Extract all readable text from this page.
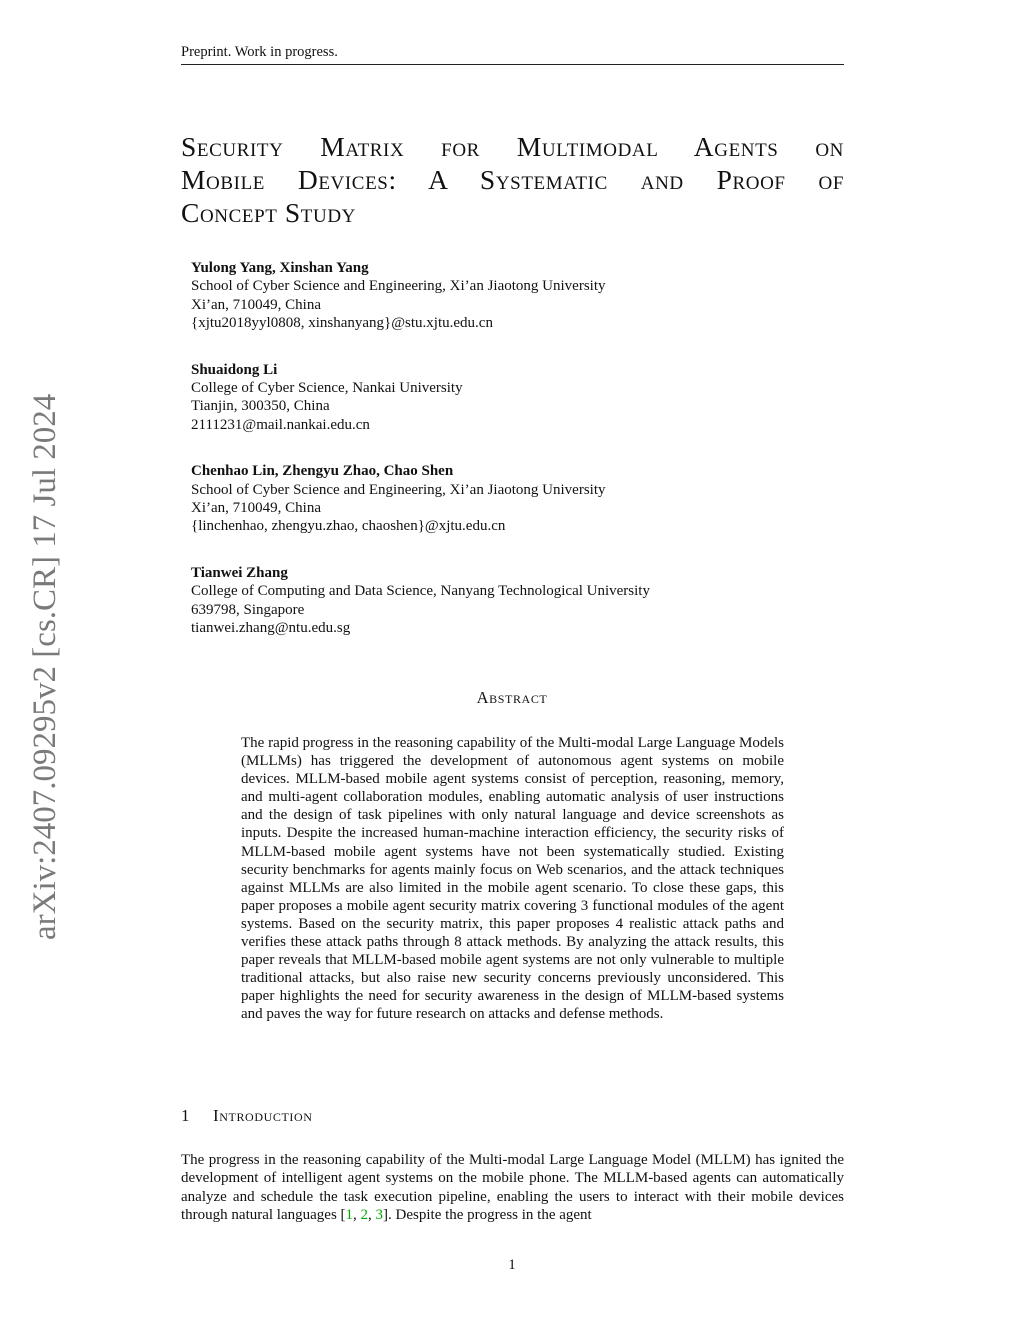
Preprint. Work in progress.
arXiv:2407.09295v2 [cs.CR] 17 Jul 2024
Security Matrix for Multimodal Agents on
Mobile Devices: A Systematic and Proof of
Concept Study
Yulong Yang, Xinshan Yang
School of Cyber Science and Engineering, Xi’an Jiaotong University
Xi’an, 710049, China
{xjtu2018yyl0808, xinshanyang}@stu.xjtu.edu.cn
Shuaidong Li
College of Cyber Science, Nankai University
Tianjin, 300350, China
2111231@mail.nankai.edu.cn
Chenhao Lin, Zhengyu Zhao, Chao Shen
School of Cyber Science and Engineering, Xi’an Jiaotong University
Xi’an, 710049, China
{linchenhao, zhengyu.zhao, chaoshen}@xjtu.edu.cn
Tianwei Zhang
College of Computing and Data Science, Nanyang Technological University
639798, Singapore
tianwei.zhang@ntu.edu.sg
Abstract
The rapid progress in the reasoning capability of the Multi-modal Large Language Models (MLLMs) has triggered the development of autonomous agent systems on mobile devices. MLLM-based mobile agent systems consist of perception, reasoning, memory, and multi-agent collaboration modules, enabling automatic analysis of user instructions and the design of task pipelines with only natural language and device screenshots as inputs. Despite the increased human-machine interaction efficiency, the security risks of MLLM-based mobile agent systems have not been systematically studied. Existing security benchmarks for agents mainly focus on Web scenarios, and the attack techniques against MLLMs are also limited in the mobile agent scenario. To close these gaps, this paper proposes a mobile agent security matrix covering 3 functional modules of the agent systems. Based on the security matrix, this paper proposes 4 realistic attack paths and verifies these attack paths through 8 attack methods. By analyzing the attack results, this paper reveals that MLLM-based mobile agent systems are not only vulnerable to multiple traditional attacks, but also raise new security concerns previously unconsidered. This paper highlights the need for security awareness in the design of MLLM-based systems and paves the way for future research on attacks and defense methods.
1 Introduction
The progress in the reasoning capability of the Multi-modal Large Language Model (MLLM) has ignited the development of intelligent agent systems on the mobile phone. The MLLM-based agents can automatically analyze and schedule the task execution pipeline, enabling the users to interact with their mobile devices through natural languages [1, 2, 3]. Despite the progress in the agent
1
